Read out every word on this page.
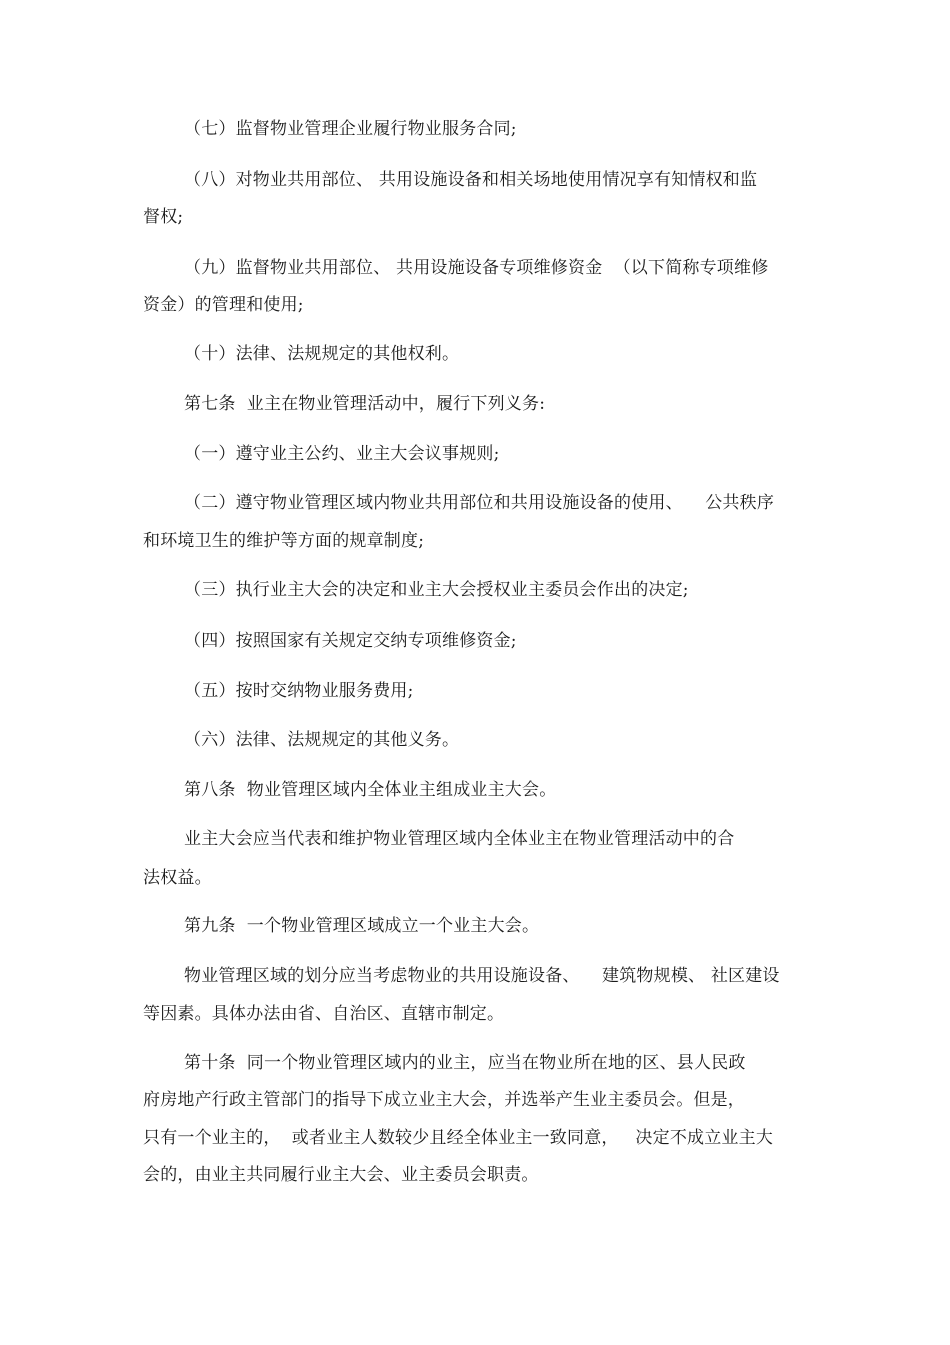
（七）监督物业管理企业履行物业服务合同;
（八）对物业共用部位、 共用设施设备和相关场地使用情况享有知情权和监
督权;
（九）监督物业共用部位、 共用设施设备专项维修资金  （以下简称专项维修
资金）的管理和使用;
（十）法律、法规规定的其他权利。
第七条  业主在物业管理活动中，履行下列义务:
（一）遵守业主公约、业主大会议事规则;
（二）遵守物业管理区域内物业共用部位和共用设施设备的使用、    公共秩序
和环境卫生的维护等方面的规章制度;
（三）执行业主大会的决定和业主大会授权业主委员会作出的决定;
（四）按照国家有关规定交纳专项维修资金;
（五）按时交纳物业服务费用;
（六）法律、法规规定的其他义务。
第八条  物业管理区域内全体业主组成业主大会。
业主大会应当代表和维护物业管理区域内全体业主在物业管理活动中的合
法权益。
第九条  一个物业管理区域成立一个业主大会。
物业管理区域的划分应当考虑物业的共用设施设备、    建筑物规模、 社区建设
等因素。具体办法由省、自治区、直辖市制定。
第十条  同一个物业管理区域内的业主，应当在物业所在地的区、县人民政
府房地产行政主管部门的指导下成立业主大会，并选举产生业主委员会。但是，
只有一个业主的，  或者业主人数较少且经全体业主一致同意，   决定不成立业主大
会的，由业主共同履行业主大会、业主委员会职责。
